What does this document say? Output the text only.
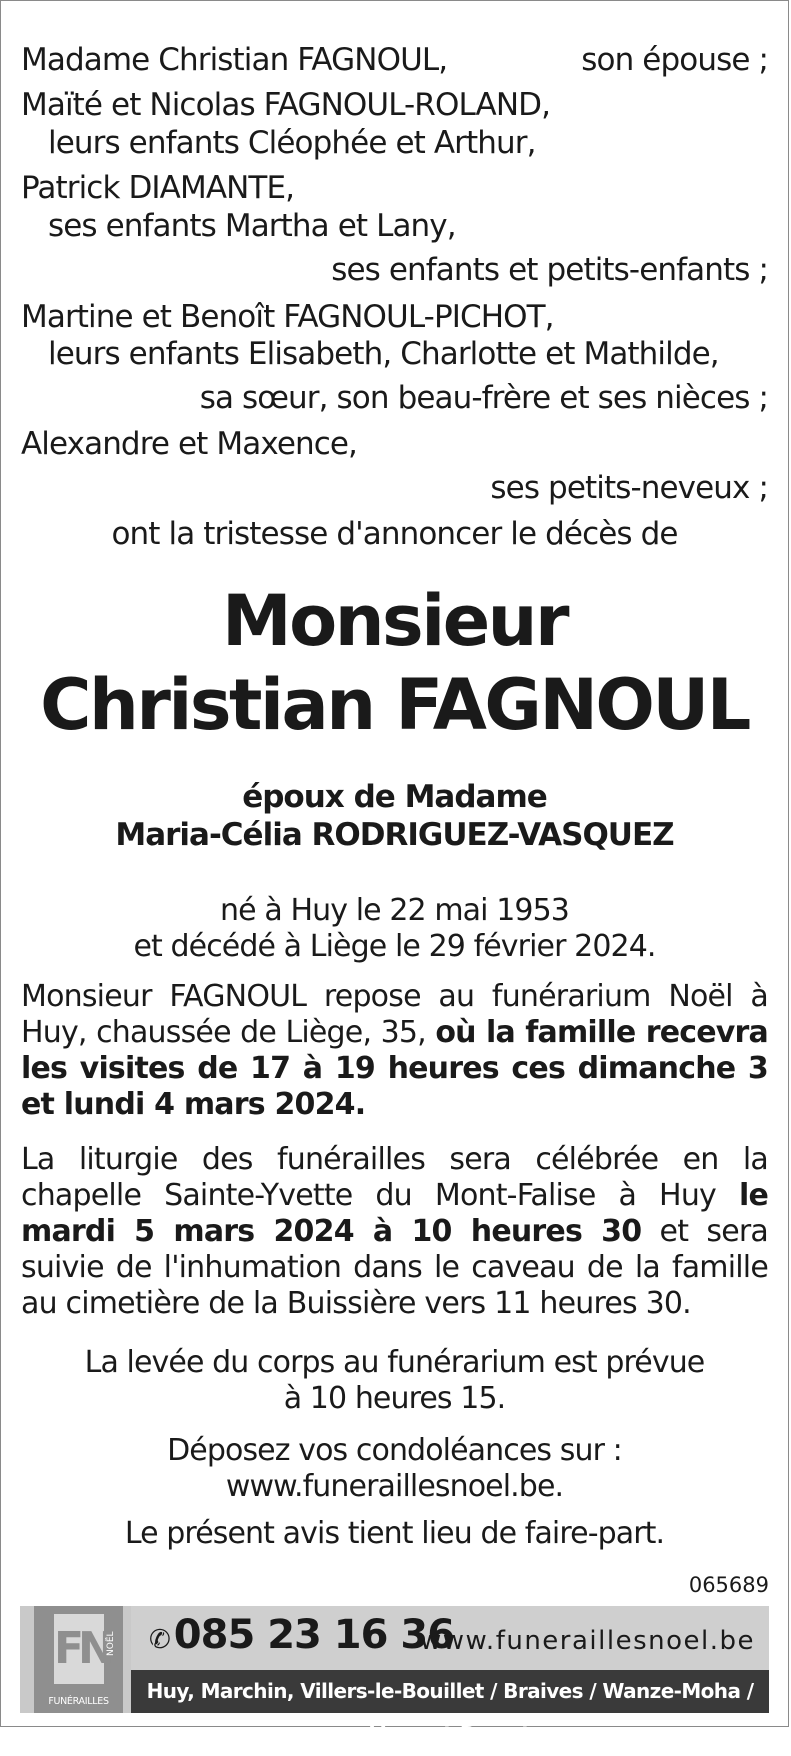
Madame Christian FAGNOUL,	son épouse ;
Maïté et Nicolas FAGNOUL-ROLAND,
leurs enfants Cléophée et Arthur,
Patrick DIAMANTE,
ses enfants Martha et Lany,
ses enfants et petits-enfants ;
Martine et Benoît FAGNOUL-PICHOT,
leurs enfants Elisabeth, Charlotte et Mathilde,
sa sœur, son beau-frère et ses nièces ;
Alexandre et Maxence,
ses petits-neveux ;
ont la tristesse d'annoncer le décès de
Monsieur
Christian FAGNOUL
époux de Madame
Maria-Célia RODRIGUEZ-VASQUEZ
né à Huy le 22 mai 1953
et décédé à Liège le 29 février 2024.
Monsieur FAGNOUL repose au funérarium Noël à Huy, chaussée de Liège, 35, où la famille recevra les visites de 17 à 19 heures ces dimanche 3 et lundi 4 mars 2024.
La liturgie des funérailles sera célébrée en la chapelle Sainte-Yvette du Mont-Falise à Huy le mardi 5 mars 2024 à 10 heures 30 et sera suivie de l'inhumation dans le caveau de la famille au cimetière de la Buissière vers 11 heures 30.
La levée du corps au funérarium est prévue
à 10 heures 15.
Déposez vos condoléances sur :
www.funeraillesnoel.be.
Le présent avis tient lieu de faire-part.
065689
FN
NOËL
FUNÉRAILLES
✆ 085 23 16 36
www.funeraillesnoel.be
Huy, Marchin, Villers-le-Bouillet / Braives / Wanze-Moha / Vaux-et-Borset
